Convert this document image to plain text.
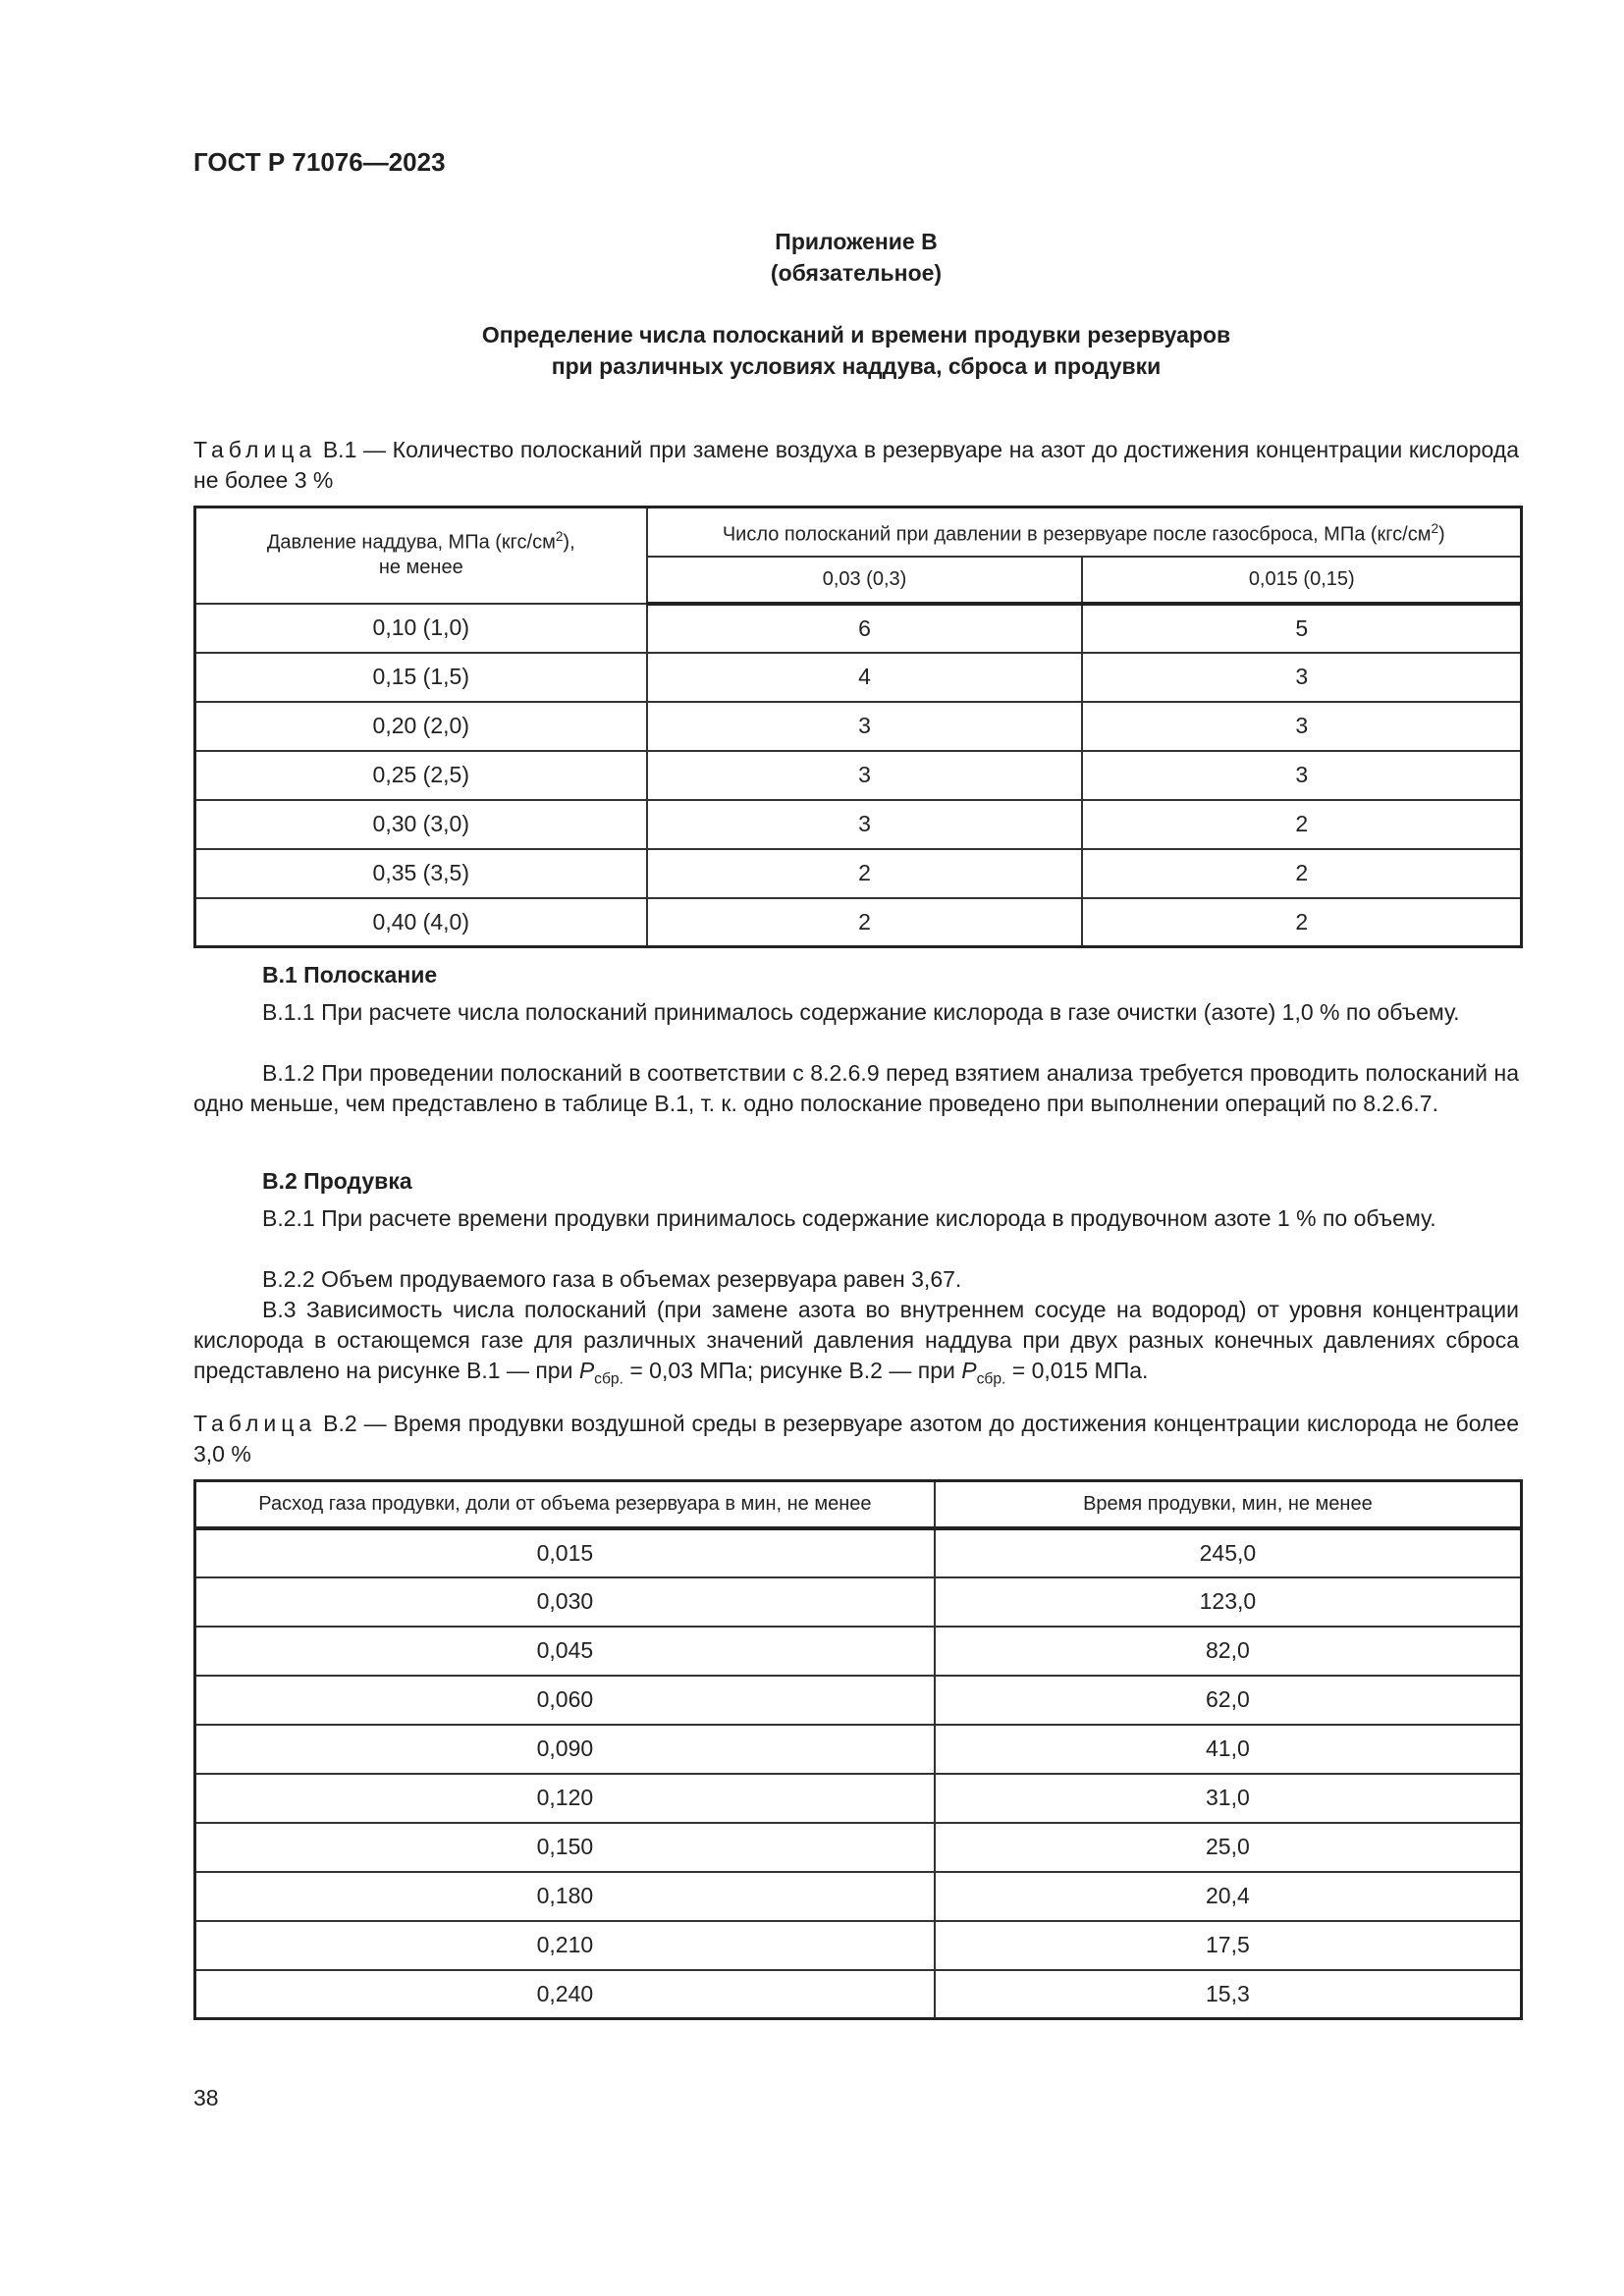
ГОСТ Р 71076—2023
Приложение В
(обязательное)
Определение числа полосканий и времени продувки резервуаров
при различных условиях наддува, сброса и продувки
Таблица В.1 — Количество полосканий при замене воздуха в резервуаре на азот до достижения концентрации кислорода не более 3 %
Давление наддува, МПа $(кгс/см^2)$,
не менее	Число полосканий при давлении в резервуаре после газосброса, МПа $(кгс/см^2)$	
	0,03 (0,3)	0,015 (0,15)
0,10 (1,0)	6	5
0,15 (1,5)	4	3
0,20 (2,0)	3	3
0,25 (2,5)	3	3
0,30 (3,0)	3	2
0,35 (3,5)	2	2
0,40 (4,0)	2	2
В.1 Полоскание
В.1.1 При расчете числа полосканий принималось содержание кислорода в газе очистки (азоте) 1,0 % по объему.
В.1.2 При проведении полосканий в соответствии с 8.2.6.9 перед взятием анализа требуется проводить полосканий на одно меньше, чем представлено в таблице В.1, т. к. одно полоскание проведено при выполнении операций по 8.2.6.7.
В.2 Продувка
В.2.1 При расчете времени продувки принималось содержание кислорода в продувочном азоте 1 % по объему.
В.2.2 Объем продуваемого газа в объемах резервуара равен 3,67.
В.3 Зависимость числа полосканий (при замене азота во внутреннем сосуде на водород) от уровня концентрации кислорода в остающемся газе для различных значений давления наддува при двух разных конечных давлениях сброса представлено на рисунке В.1 — при $P_{сбр.} = 0,03$ МПа; рисунке В.2 — при $P_{сбр.} = 0,015$ МПа.
Таблица В.2 — Время продувки воздушной среды в резервуаре азотом до достижения концентрации кислорода не более 3,0 %
Расход газа продувки, доли от объема резервуара в мин, не менее	Время продувки, мин, не менее
0,015	245,0
0,030	123,0
0,045	82,0
0,060	62,0
0,090	41,0
0,120	31,0
0,150	25,0
0,180	20,4
0,210	17,5
0,240	15,3
38
